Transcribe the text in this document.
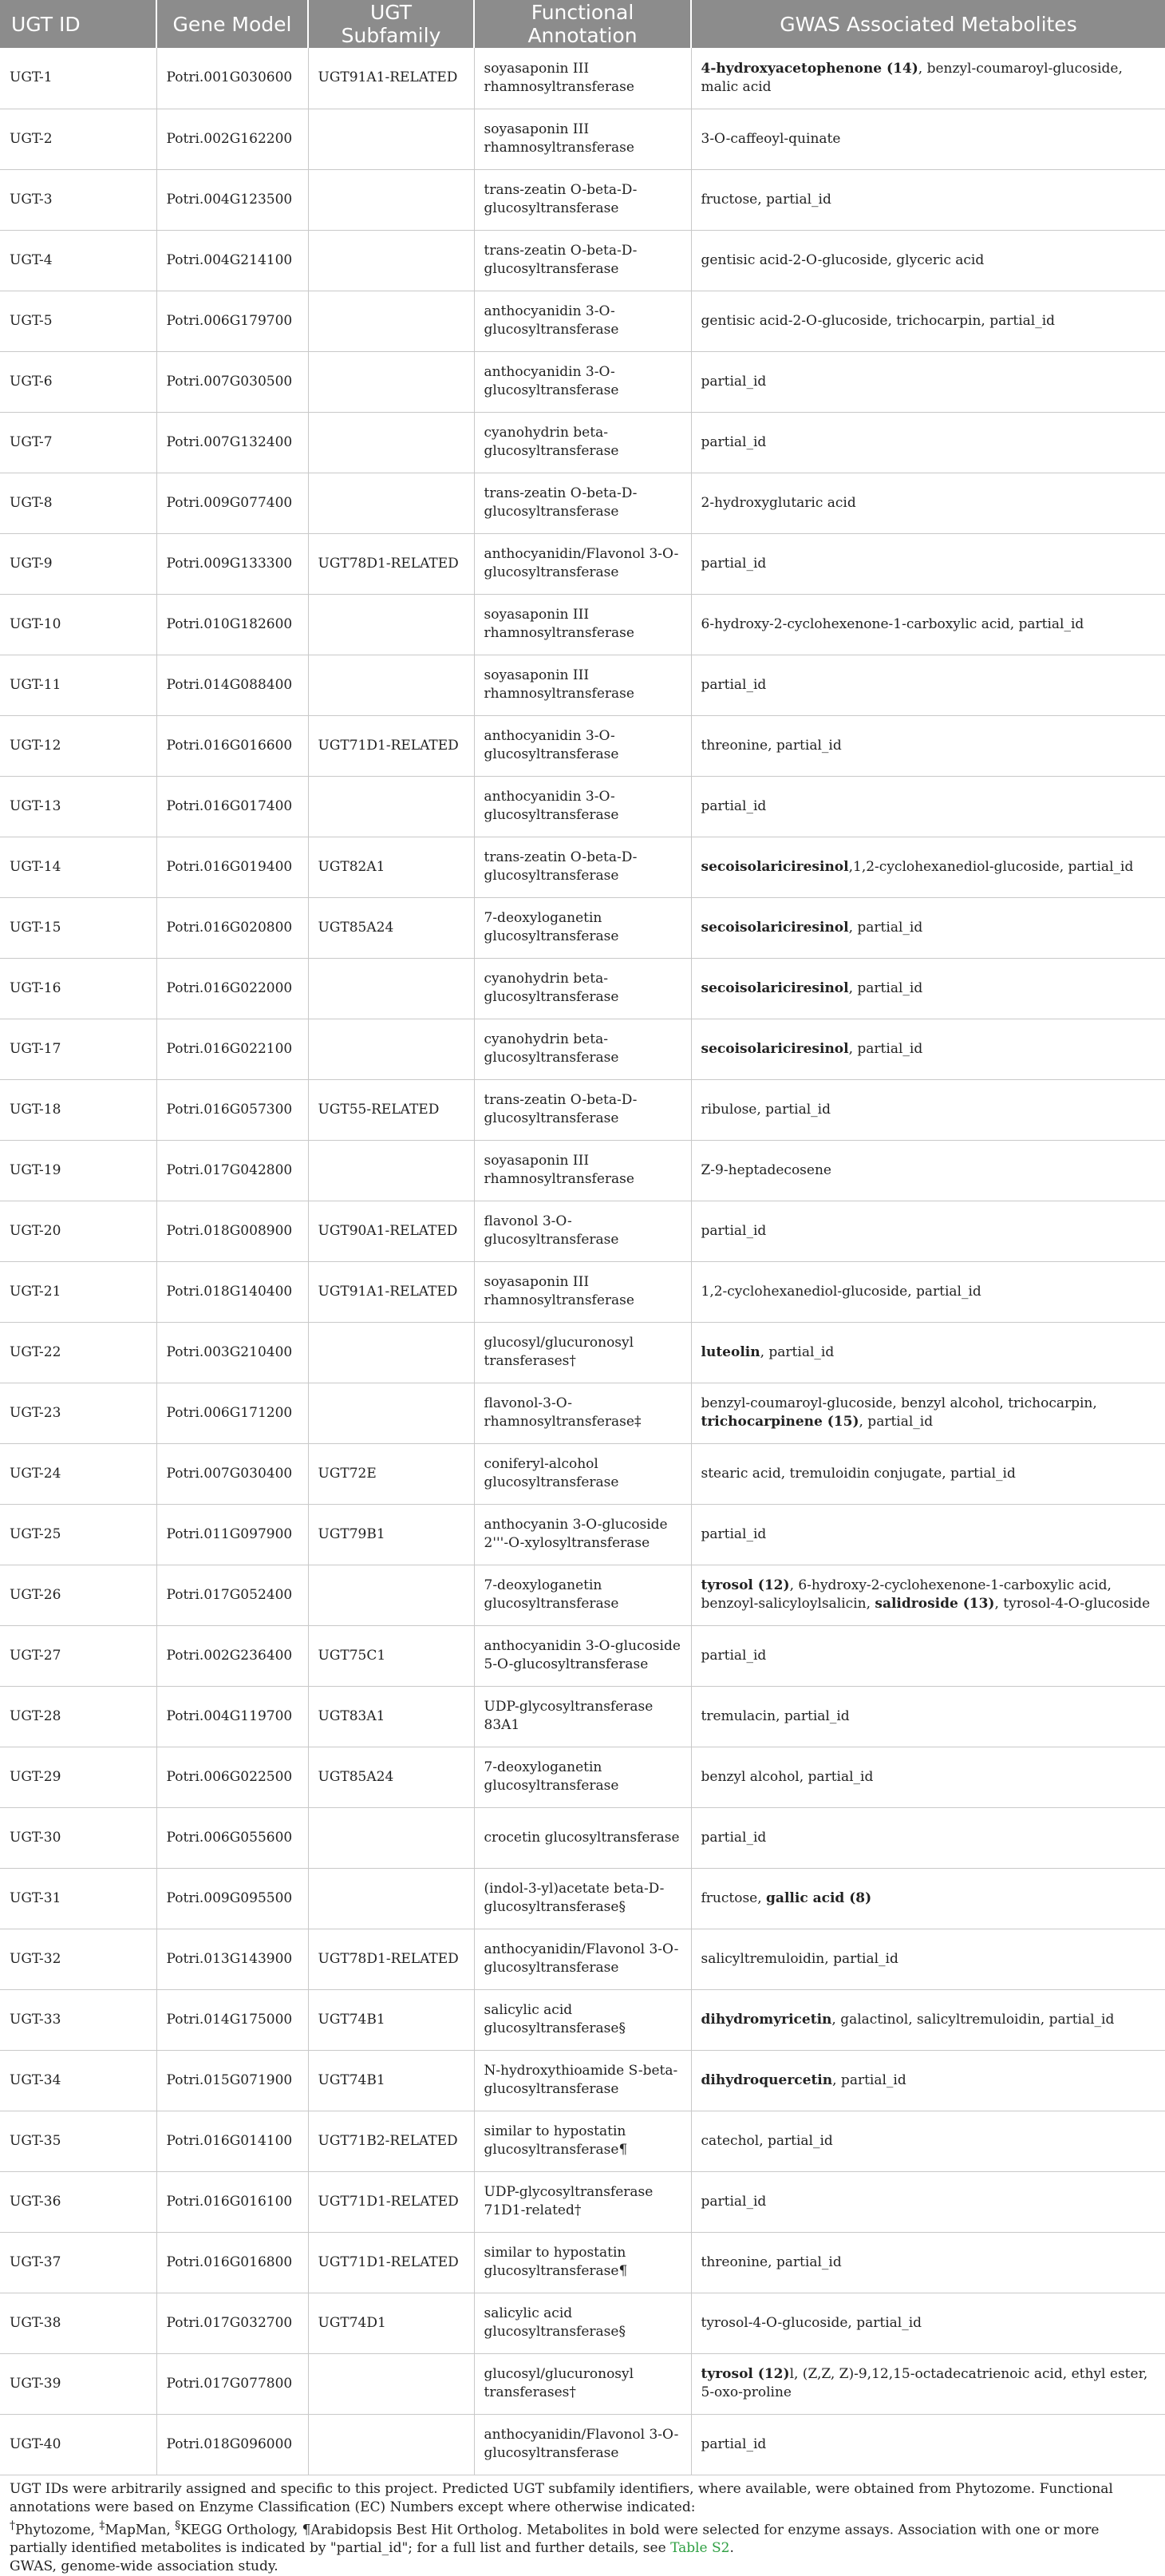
UGT ID	Gene Model	UGT Subfamily	Functional Annotation	GWAS Associated Metabolites
UGT-1	Potri.001G030600	UGT91A1-RELATED	soyasaponin III rhamnosyltransferase	4-hydroxyacetophenone (14), benzyl-coumaroyl-glucoside, malic acid
UGT-2	Potri.002G162200		soyasaponin III rhamnosyltransferase	3-O-caffeoyl-quinate
UGT-3	Potri.004G123500		trans-zeatin O-beta-D-glucosyltransferase	fructose, partial_id
UGT-4	Potri.004G214100		trans-zeatin O-beta-D-glucosyltransferase	gentisic acid-2-O-glucoside, glyceric acid
UGT-5	Potri.006G179700		anthocyanidin 3-O-glucosyltransferase	gentisic acid-2-O-glucoside, trichocarpin, partial_id
UGT-6	Potri.007G030500		anthocyanidin 3-O-glucosyltransferase	partial_id
UGT-7	Potri.007G132400		cyanohydrin beta-glucosyltransferase	partial_id
UGT-8	Potri.009G077400		trans-zeatin O-beta-D-glucosyltransferase	2-hydroxyglutaric acid
UGT-9	Potri.009G133300	UGT78D1-RELATED	anthocyanidin/Flavonol 3-O-glucosyltransferase	partial_id
UGT-10	Potri.010G182600		soyasaponin III rhamnosyltransferase	6-hydroxy-2-cyclohexenone-1-carboxylic acid, partial_id
UGT-11	Potri.014G088400		soyasaponin III rhamnosyltransferase	partial_id
UGT-12	Potri.016G016600	UGT71D1-RELATED	anthocyanidin 3-O-glucosyltransferase	threonine, partial_id
UGT-13	Potri.016G017400		anthocyanidin 3-O-glucosyltransferase	partial_id
UGT-14	Potri.016G019400	UGT82A1	trans-zeatin O-beta-D-glucosyltransferase	secoisolariciresinol,1,2-cyclohexanediol-glucoside, partial_id
UGT-15	Potri.016G020800	UGT85A24	7-deoxyloganetin glucosyltransferase	secoisolariciresinol, partial_id
UGT-16	Potri.016G022000		cyanohydrin beta-glucosyltransferase	secoisolariciresinol, partial_id
UGT-17	Potri.016G022100		cyanohydrin beta-glucosyltransferase	secoisolariciresinol, partial_id
UGT-18	Potri.016G057300	UGT55-RELATED	trans-zeatin O-beta-D-glucosyltransferase	ribulose, partial_id
UGT-19	Potri.017G042800		soyasaponin III rhamnosyltransferase	Z-9-heptadecosene
UGT-20	Potri.018G008900	UGT90A1-RELATED	flavonol 3-O-glucosyltransferase	partial_id
UGT-21	Potri.018G140400	UGT91A1-RELATED	soyasaponin III rhamnosyltransferase	1,2-cyclohexanediol-glucoside, partial_id
UGT-22	Potri.003G210400		glucosyl/glucuronosyl transferases†	luteolin, partial_id
UGT-23	Potri.006G171200		flavonol-3-O-rhamnosyltransferase‡	benzyl-coumaroyl-glucoside, benzyl alcohol, trichocarpin, trichocarpinene (15), partial_id
UGT-24	Potri.007G030400	UGT72E	coniferyl-alcohol glucosyltransferase	stearic acid, tremuloidin conjugate, partial_id
UGT-25	Potri.011G097900	UGT79B1	anthocyanin 3-O-glucoside 2'''-O-xylosyltransferase	partial_id
UGT-26	Potri.017G052400		7-deoxyloganetin glucosyltransferase	tyrosol (12), 6-hydroxy-2-cyclohexenone-1-carboxylic acid, benzoyl-salicyloylsalicin, salidroside (13), tyrosol-4-O-glucoside
UGT-27	Potri.002G236400	UGT75C1	anthocyanidin 3-O-glucoside 5-O-glucosyltransferase	partial_id
UGT-28	Potri.004G119700	UGT83A1	UDP-glycosyltransferase 83A1	tremulacin, partial_id
UGT-29	Potri.006G022500	UGT85A24	7-deoxyloganetin glucosyltransferase	benzyl alcohol, partial_id
UGT-30	Potri.006G055600		crocetin glucosyltransferase	partial_id
UGT-31	Potri.009G095500		(indol-3-yl)acetate beta-D-glucosyltransferase§	fructose, gallic acid (8)
UGT-32	Potri.013G143900	UGT78D1-RELATED	anthocyanidin/Flavonol 3-O-glucosyltransferase	salicyltremuloidin, partial_id
UGT-33	Potri.014G175000	UGT74B1	salicylic acid glucosyltransferase§	dihydromyricetin, galactinol, salicyltremuloidin, partial_id
UGT-34	Potri.015G071900	UGT74B1	N-hydroxythioamide S-beta-glucosyltransferase	dihydroquercetin, partial_id
UGT-35	Potri.016G014100	UGT71B2-RELATED	similar to hypostatin glucosyltransferase¶	catechol, partial_id
UGT-36	Potri.016G016100	UGT71D1-RELATED	UDP-glycosyltransferase 71D1-related†	partial_id
UGT-37	Potri.016G016800	UGT71D1-RELATED	similar to hypostatin glucosyltransferase¶	threonine, partial_id
UGT-38	Potri.017G032700	UGT74D1	salicylic acid glucosyltransferase§	tyrosol-4-O-glucoside, partial_id
UGT-39	Potri.017G077800		glucosyl/glucuronosyl transferases†	tyrosol (12)l, (Z,Z, Z)-9,12,15-octadecatrienoic acid, ethyl ester, 5-oxo-proline
UGT-40	Potri.018G096000		anthocyanidin/Flavonol 3-O-glucosyltransferase	partial_id
UGT IDs were arbitrarily assigned and specific to this project. Predicted UGT subfamily identifiers, where available, were obtained from Phytozome. Functional annotations were based on Enzyme Classification (EC) Numbers except where otherwise indicated:
†Phytozome, ‡MapMan, §KEGG Orthology, ¶Arabidopsis Best Hit Ortholog. Metabolites in bold were selected for enzyme assays. Association with one or more partially identified metabolites is indicated by "partial_id"; for a full list and further details, see Table S2.
GWAS, genome-wide association study.
